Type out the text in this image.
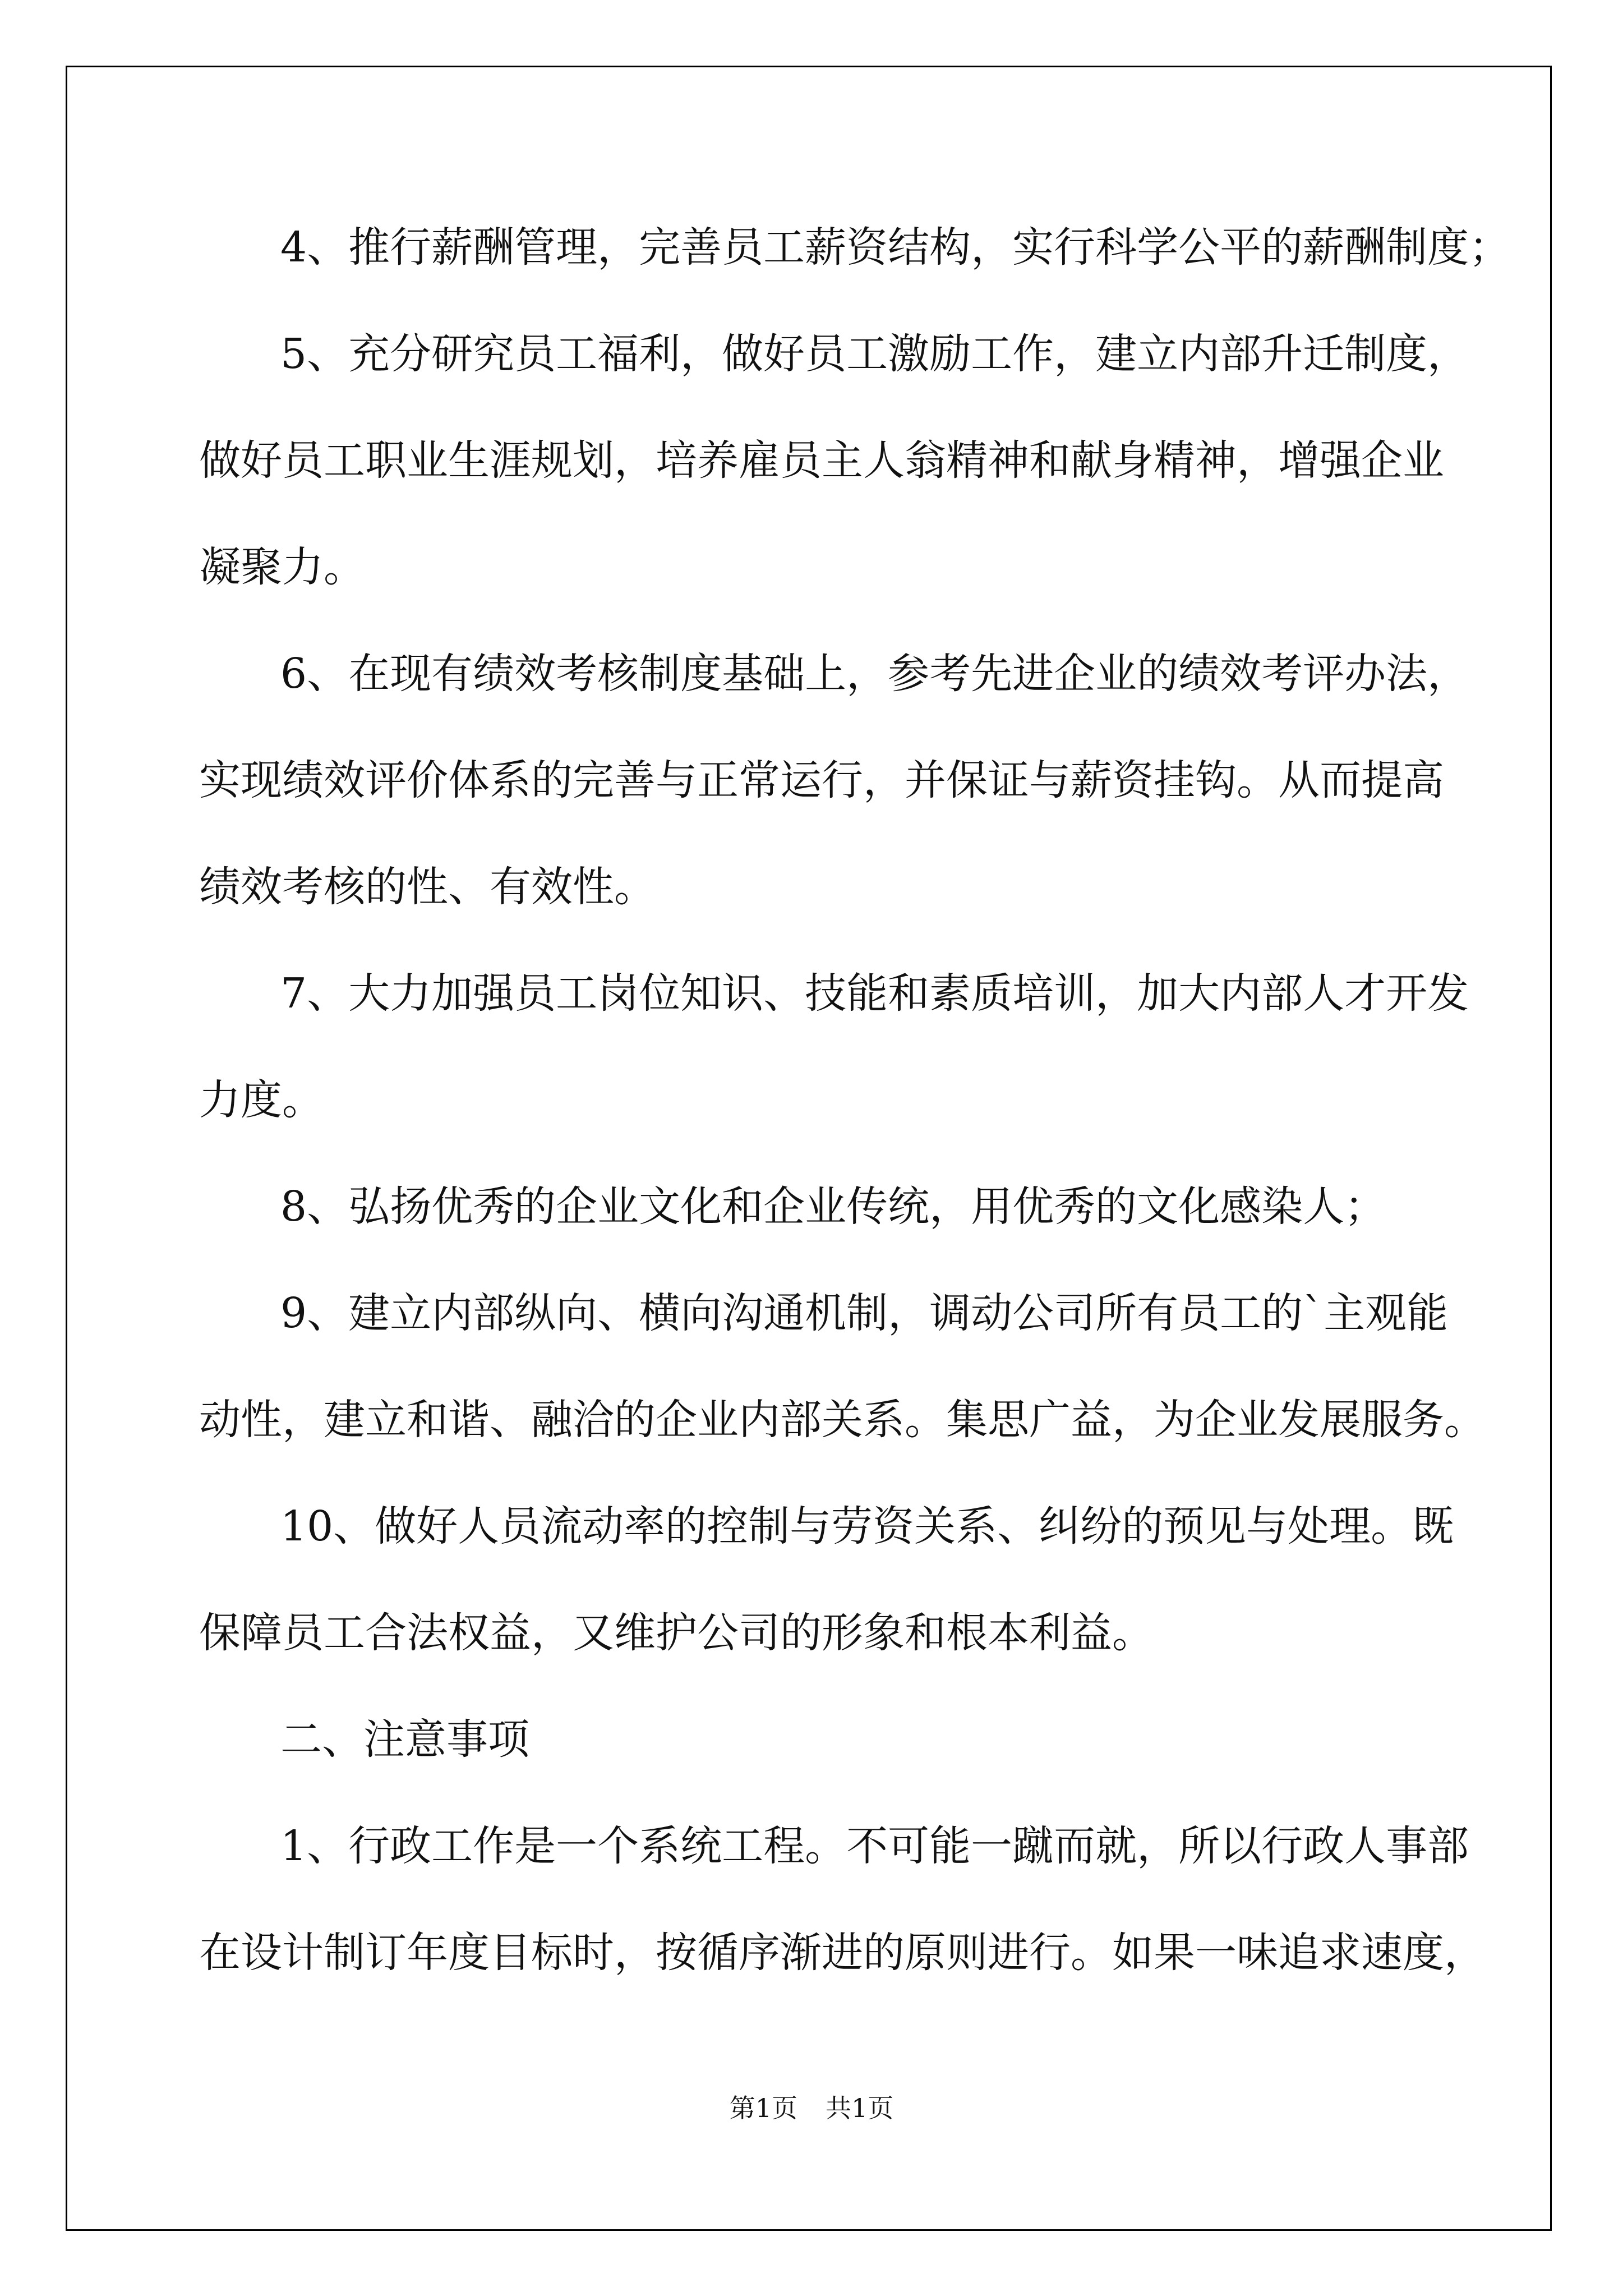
4、推行薪酬管理，完善员工薪资结构，实行科学公平的薪酬制度；
5、充分研究员工福利，做好员工激励工作，建立内部升迁制度，
做好员工职业生涯规划，培养雇员主人翁精神和献身精神，增强企业
凝聚力。
6、在现有绩效考核制度基础上，参考先进企业的绩效考评办法，
实现绩效评价体系的完善与正常运行，并保证与薪资挂钩。从而提高
绩效考核的性、有效性。
7、大力加强员工岗位知识、技能和素质培训，加大内部人才开发
力度。
8、弘扬优秀的企业文化和企业传统，用优秀的文化感染人；
9、建立内部纵向、横向沟通机制，调动公司所有员工的`主观能
动性，建立和谐、融洽的企业内部关系。集思广益，为企业发展服务。
10、做好人员流动率的控制与劳资关系、纠纷的预见与处理。既
保障员工合法权益，又维护公司的形象和根本利益。
二、注意事项
1、行政工作是一个系统工程。不可能一蹴而就，所以行政人事部
在设计制订年度目标时，按循序渐进的原则进行。如果一味追求速度，
第1页 共1页
